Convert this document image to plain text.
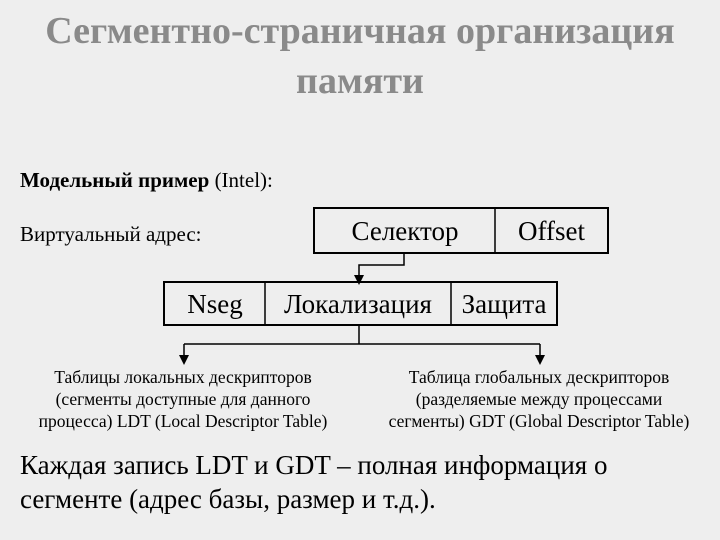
Сегментно-страничная организация
памяти
Модельный пример (Intel):
Виртуальный адрес:	Селектор	Offset
Nseg	Локализация	Защита
Таблицы локальных дескрипторов
(сегменты доступные для данного
процесса) LDT (Local Descriptor Table)
Таблица глобальных дескрипторов
(разделяемые между процессами
сегменты) GDT (Global Descriptor Table)
Каждая запись LDT и GDT – полная информация о сегменте (адрес базы, размер и т.д.).
